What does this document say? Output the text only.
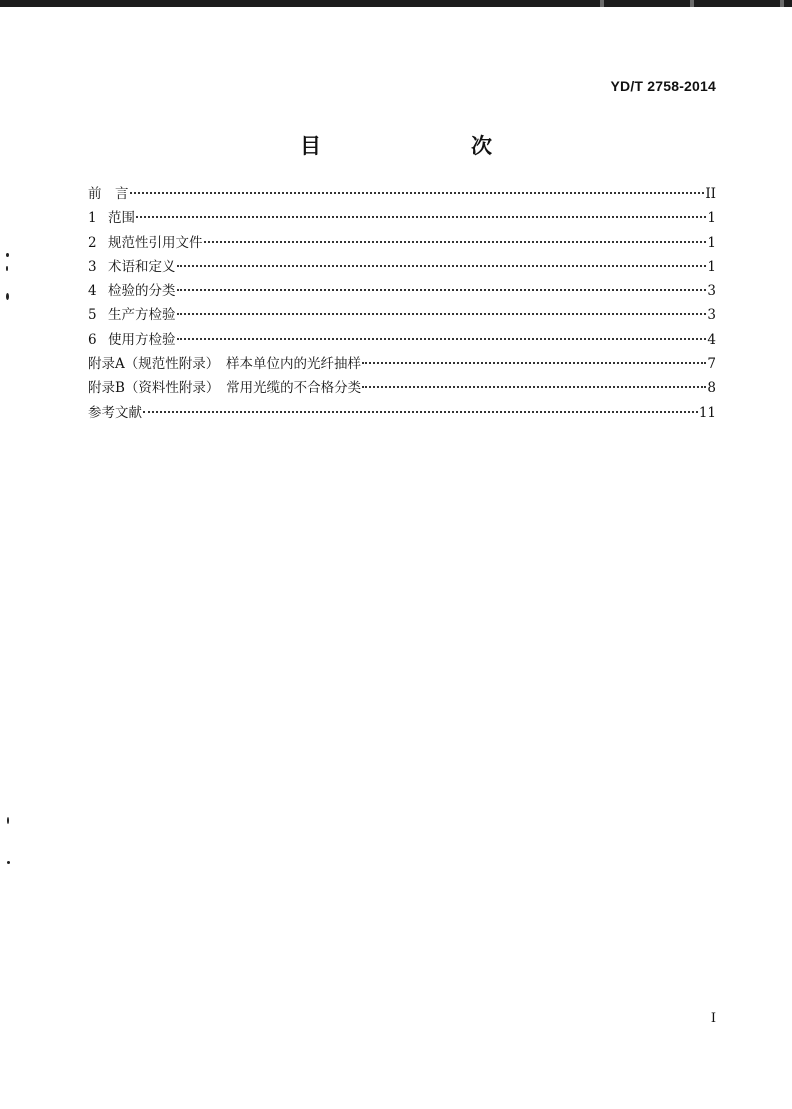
YD/T 2758-2014
目　　次
前　言	II
1 范围	1
2 规范性引用文件	1
3 术语和定义	1
4 检验的分类	3
5 生产方检验	3
6 使用方检验	4
附录A（规范性附录）　样本单位内的光纤抽样	7
附录B（资料性附录）　常用光缆的不合格分类	8
参考文献	11
I
